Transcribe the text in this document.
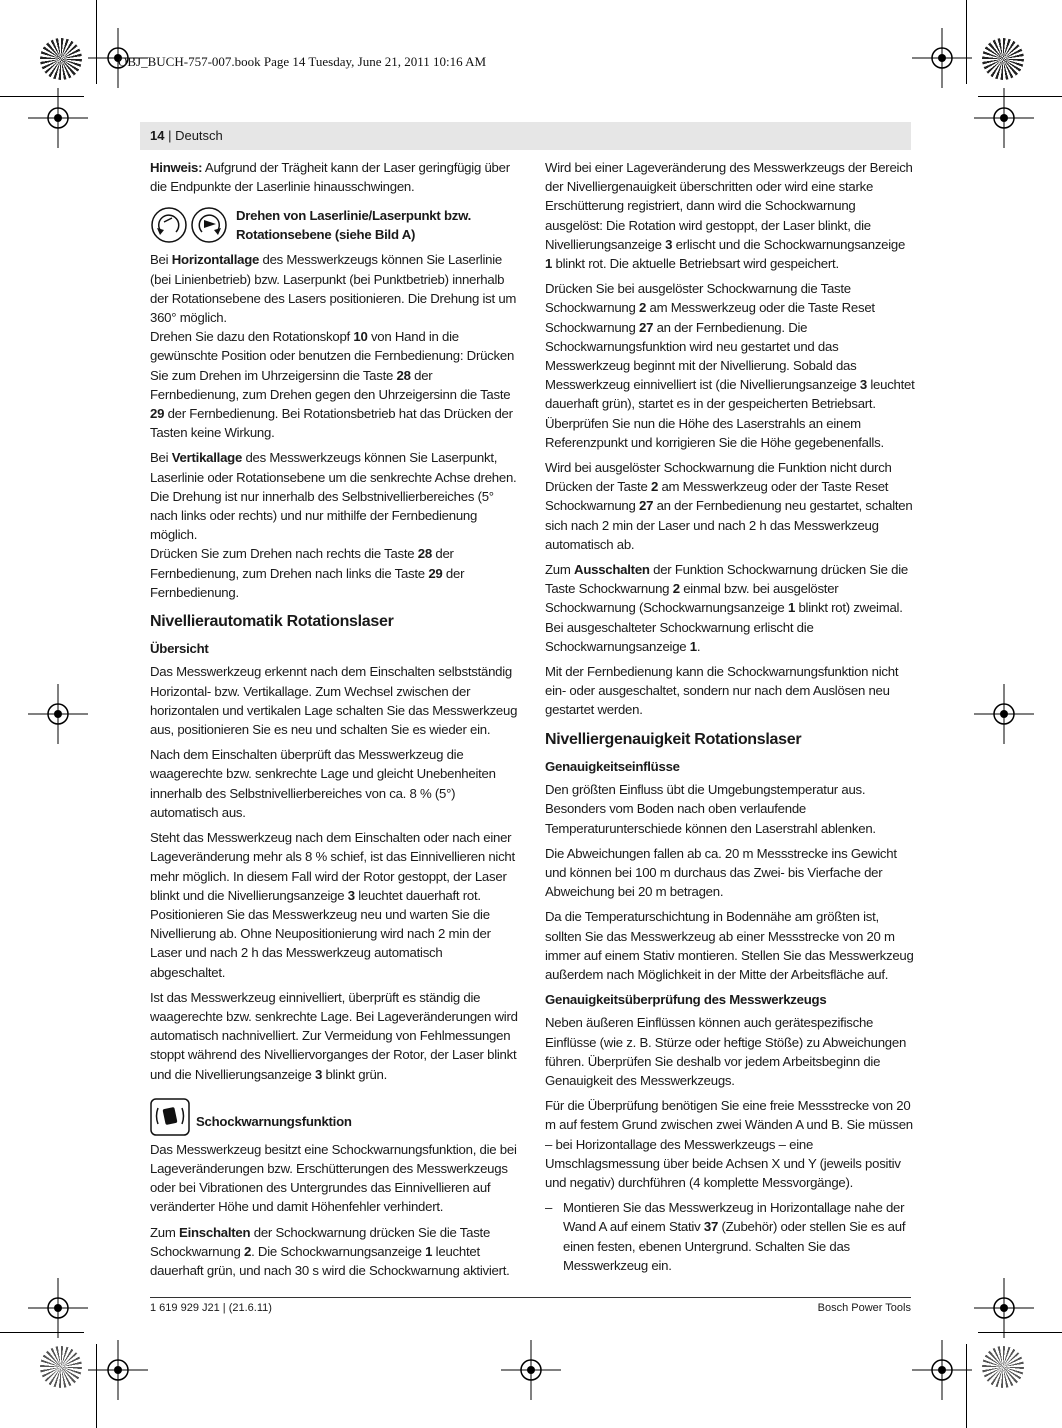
OBJ_BUCH-757-007.book Page 14 Tuesday, June 21, 2011 10:16 AM
14 | Deutsch

Hinweis: Aufgrund der Trägheit kann der Laser geringfügig über die Endpunkte der Laserlinie hinausschwingen.

Drehen von Laserlinie/Laserpunkt bzw. Rotationsebene (siehe Bild A)

Bei Horizontallage des Messwerkzeugs können Sie Laserlinie (bei Linienbetrieb) bzw. Laserpunkt (bei Punktbetrieb) innerhalb der Rotationsebene des Lasers positionieren. Die Drehung ist um 360° möglich.

Drehen Sie dazu den Rotationskopf 10 von Hand in die gewünschte Position oder benutzen die Fernbedienung: Drücken Sie zum Drehen im Uhrzeigersinn die Taste 28 der Fernbedienung, zum Drehen gegen den Uhrzeigersinn die Taste 29 der Fernbedienung. Bei Rotationsbetrieb hat das Drücken der Tasten keine Wirkung.

Bei Vertikallage des Messwerkzeugs können Sie Laserpunkt, Laserlinie oder Rotationsebene um die senkrechte Achse drehen. Die Drehung ist nur innerhalb des Selbstnivellierbereiches (5° nach links oder rechts) und nur mithilfe der Fernbedienung möglich.

Drücken Sie zum Drehen nach rechts die Taste 28 der Fernbedienung, zum Drehen nach links die Taste 29 der Fernbedienung.

Nivellierautomatik Rotationslaser
Übersicht

Das Messwerkzeug erkennt nach dem Einschalten selbstständig Horizontal- bzw. Vertikallage. Zum Wechsel zwischen der horizontalen und vertikalen Lage schalten Sie das Messwerkzeug aus, positionieren Sie es neu und schalten Sie es wieder ein.

Nach dem Einschalten überprüft das Messwerkzeug die waagerechte bzw. senkrechte Lage und gleicht Unebenheiten innerhalb des Selbstnivellierbereiches von ca. 8 % (5°) automatisch aus.

Steht das Messwerkzeug nach dem Einschalten oder nach einer Lageveränderung mehr als 8 % schief, ist das Einnivellieren nicht mehr möglich. In diesem Fall wird der Rotor gestoppt, der Laser blinkt und die Nivellierungsanzeige 3 leuchtet dauerhaft rot. Positionieren Sie das Messwerkzeug neu und warten Sie die Nivellierung ab. Ohne Neupositionierung wird nach 2 min der Laser und nach 2 h das Messwerkzeug automatisch abgeschaltet.

Ist das Messwerkzeug einnivelliert, überprüft es ständig die waagerechte bzw. senkrechte Lage. Bei Lageveränderungen wird automatisch nachnivelliert. Zur Vermeidung von Fehlmessungen stoppt während des Nivelliervorganges der Rotor, der Laser blinkt und die Nivellierungsanzeige 3 blinkt grün.

Schockwarnungsfunktion

Das Messwerkzeug besitzt eine Schockwarnungsfunktion, die bei Lageveränderungen bzw. Erschütterungen des Messwerkzeugs oder bei Vibrationen des Untergrundes das Einnivellieren auf veränderter Höhe und damit Höhenfehler verhindert.

Zum Einschalten der Schockwarnung drücken Sie die Taste Schockwarnung 2. Die Schockwarnungsanzeige 1 leuchtet dauerhaft grün, und nach 30 s wird die Schockwarnung aktiviert.

Wird bei einer Lageveränderung des Messwerkzeugs der Bereich der Nivelliergenauigkeit überschritten oder wird eine starke Erschütterung registriert, dann wird die Schockwarnung ausgelöst: Die Rotation wird gestoppt, der Laser blinkt, die Nivellierungsanzeige 3 erlischt und die Schockwarnungsanzeige 1 blinkt rot. Die aktuelle Betriebsart wird gespeichert.

Drücken Sie bei ausgelöster Schockwarnung die Taste Schockwarnung 2 am Messwerkzeug oder die Taste Reset Schockwarnung 27 an der Fernbedienung. Die Schockwarnungsfunktion wird neu gestartet und das Messwerkzeug beginnt mit der Nivellierung. Sobald das Messwerkzeug einnivelliert ist (die Nivellierungsanzeige 3 leuchtet dauerhaft grün), startet es in der gespeicherten Betriebsart. Überprüfen Sie nun die Höhe des Laserstrahls an einem Referenzpunkt und korrigieren Sie die Höhe gegebenenfalls.

Wird bei ausgelöster Schockwarnung die Funktion nicht durch Drücken der Taste 2 am Messwerkzeug oder der Taste Reset Schockwarnung 27 an der Fernbedienung neu gestartet, schalten sich nach 2 min der Laser und nach 2 h das Messwerkzeug automatisch ab.

Zum Ausschalten der Funktion Schockwarnung drücken Sie die Taste Schockwarnung 2 einmal bzw. bei ausgelöster Schockwarnung (Schockwarnungsanzeige 1 blinkt rot) zweimal. Bei ausgeschalteter Schockwarnung erlischt die Schockwarnungsanzeige 1.

Mit der Fernbedienung kann die Schockwarnungsfunktion nicht ein- oder ausgeschaltet, sondern nur nach dem Auslösen neu gestartet werden.

Nivelliergenauigkeit Rotationslaser
Genauigkeitseinflüsse

Den größten Einfluss übt die Umgebungstemperatur aus. Besonders vom Boden nach oben verlaufende Temperaturunterschiede können den Laserstrahl ablenken.

Die Abweichungen fallen ab ca. 20 m Messstrecke ins Gewicht und können bei 100 m durchaus das Zwei- bis Vierfache der Abweichung bei 20 m betragen.

Da die Temperaturschichtung in Bodennähe am größten ist, sollten Sie das Messwerkzeug ab einer Messstrecke von 20 m immer auf einem Stativ montieren. Stellen Sie das Messwerkzeug außerdem nach Möglichkeit in der Mitte der Arbeitsfläche auf.

Genauigkeitsüberprüfung des Messwerkzeugs

Neben äußeren Einflüssen können auch gerätespezifische Einflüsse (wie z. B. Stürze oder heftige Stöße) zu Abweichungen führen. Überprüfen Sie deshalb vor jedem Arbeitsbeginn die Genauigkeit des Messwerkzeugs.

Für die Überprüfung benötigen Sie eine freie Messstrecke von 20 m auf festem Grund zwischen zwei Wänden A und B. Sie müssen – bei Horizontallage des Messwerkzeugs – eine Umschlagsmessung über beide Achsen X und Y (jeweils positiv und negativ) durchführen (4 komplette Messvorgänge).

– Montieren Sie das Messwerkzeug in Horizontallage nahe der Wand A auf einem Stativ 37 (Zubehör) oder stellen Sie es auf einen festen, ebenen Untergrund. Schalten Sie das Messwerkzeug ein.
1 619 929 J21 | (21.6.11)	Bosch Power Tools
